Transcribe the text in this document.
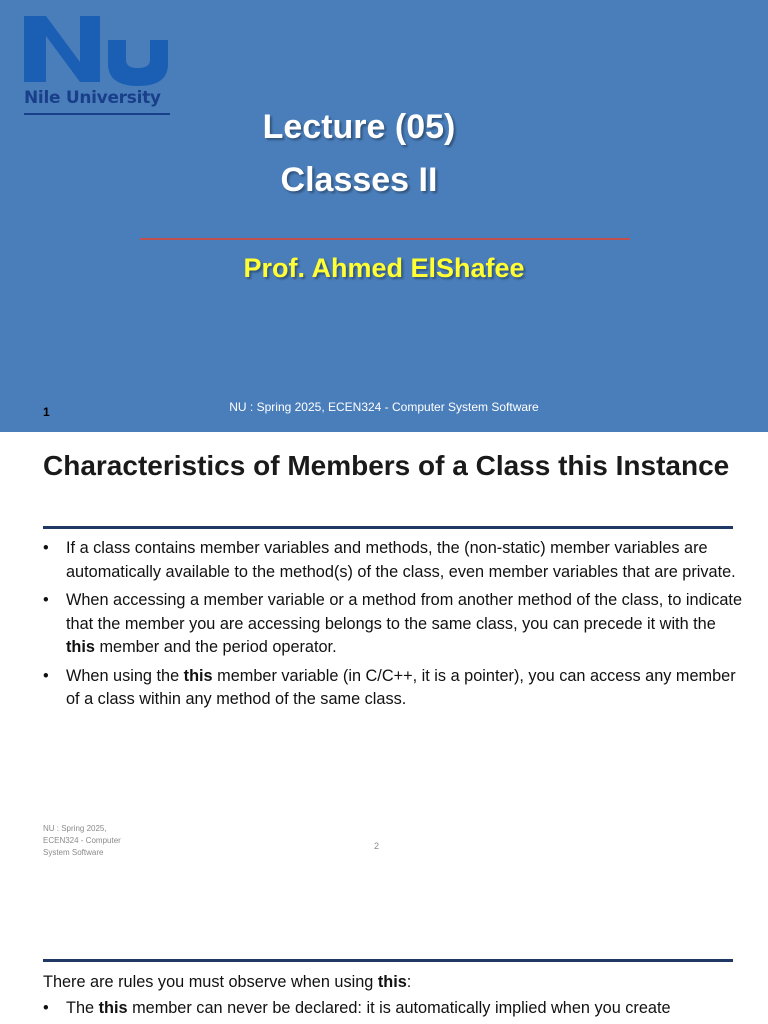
Nile University
Lecture (05)
Classes II
Prof. Ahmed ElShafee
1	NU : Spring 2025, ECEN324 - Computer System Software
Characteristics of Members of a Class this Instance
• If a class contains member variables and methods, the (non-static) member variables are automatically available to the method(s) of the class, even member variables that are private.
• When accessing a member variable or a method from another method of the class, to indicate that the member you are accessing belongs to the same class, you can precede it with the this member and the period operator.
• When using the this member variable (in C/C++, it is a pointer), you can access any member of a class within any method of the same class.
NU : Spring 2025, ECEN324 - Computer System Software
2
There are rules you must observe when using this:
• The this member can never be declared: it is automatically implied when you create
